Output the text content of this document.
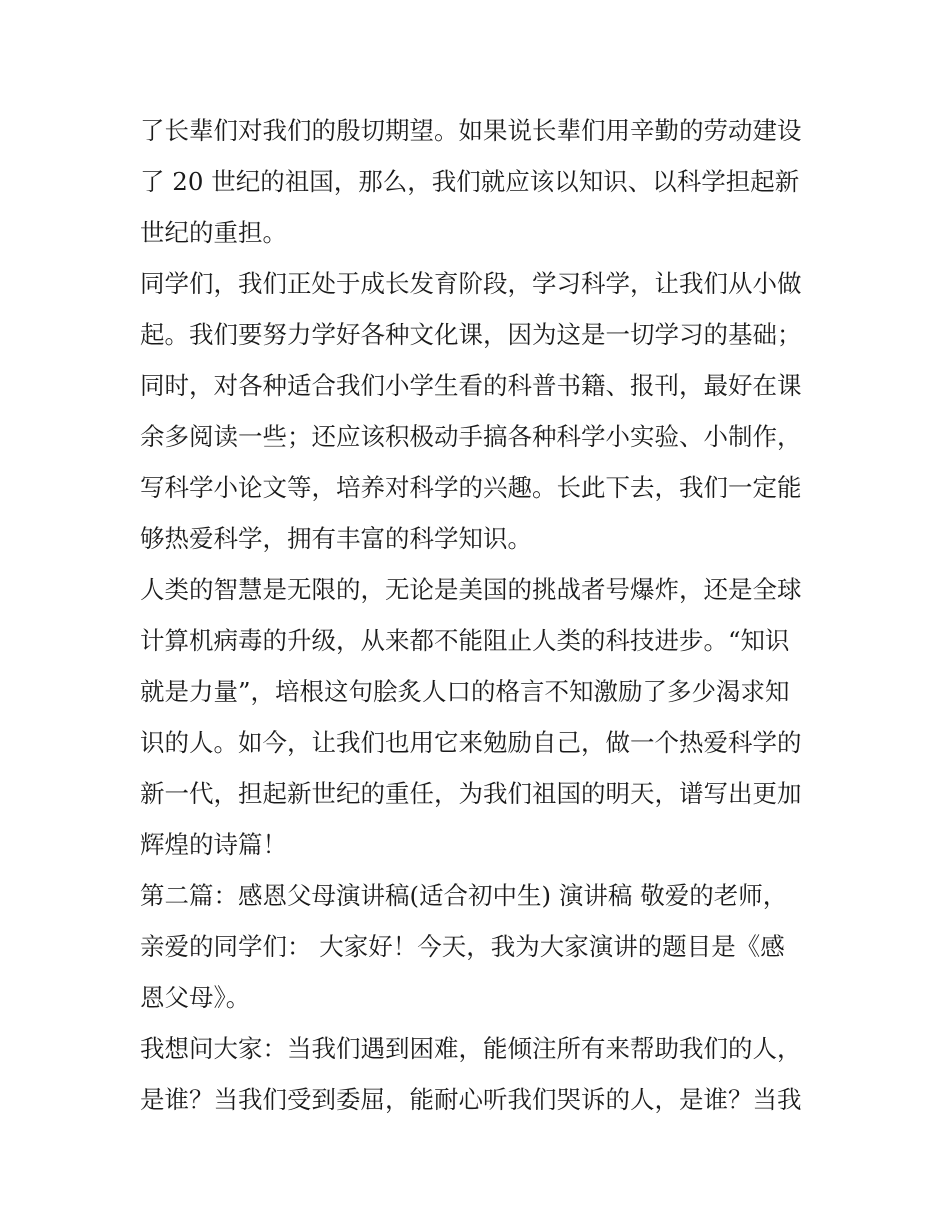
了长辈们对我们的殷切期望。如果说长辈们用辛勤的劳动建设
了 20 世纪的祖国，那么，我们就应该以知识、以科学担起新
世纪的重担。
同学们，我们正处于成长发育阶段，学习科学，让我们从小做
起。我们要努力学好各种文化课，因为这是一切学习的基础；
同时，对各种适合我们小学生看的科普书籍、报刊，最好在课
余多阅读一些；还应该积极动手搞各种科学小实验、小制作，
写科学小论文等，培养对科学的兴趣。长此下去，我们一定能
够热爱科学，拥有丰富的科学知识。
人类的智慧是无限的，无论是美国的挑战者号爆炸，还是全球
计算机病毒的升级，从来都不能阻止人类的科技进步。“知识
就是力量”，培根这句脍炙人口的格言不知激励了多少渴求知
识的人。如今，让我们也用它来勉励自己，做一个热爱科学的
新一代，担起新世纪的重任，为我们祖国的明天，谱写出更加
辉煌的诗篇！
第二篇：感恩父母演讲稿(适合初中生) 演讲稿 敬爱的老师，
亲爱的同学们： 大家好！今天，我为大家演讲的题目是《感
恩父母》。
我想问大家：当我们遇到困难，能倾注所有来帮助我们的人，
是谁？当我们受到委屈，能耐心听我们哭诉的人，是谁？当我
